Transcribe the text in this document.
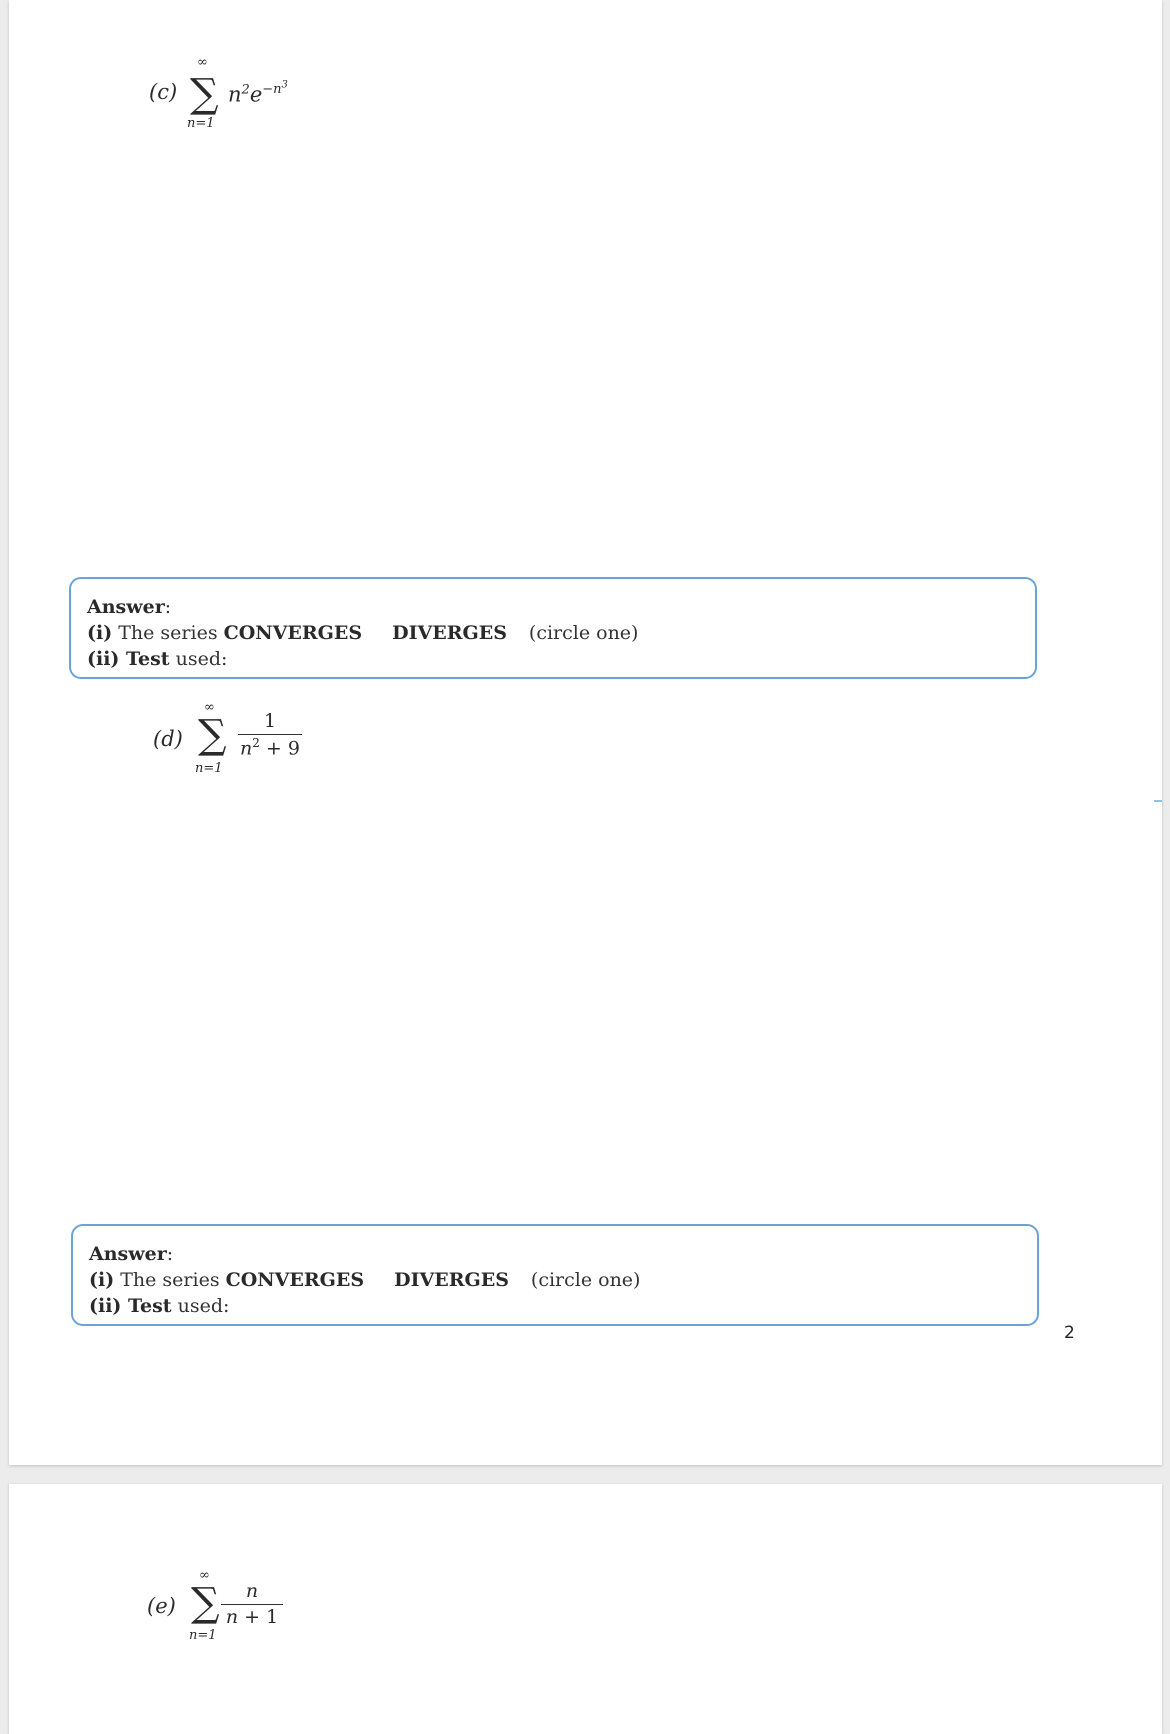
(c)
∞
∑
n=1
$n^2e^{-n^3}$
Answer:
(i) The series CONVERGES DIVERGES (circle one)
(ii) Test used:
(d)
∞
∑
n=1
1
$n^2 + 9$
Answer:
(i) The series CONVERGES DIVERGES (circle one)
(ii) Test used:
2
(e)
∞
∑
n=1
n
n + 1
